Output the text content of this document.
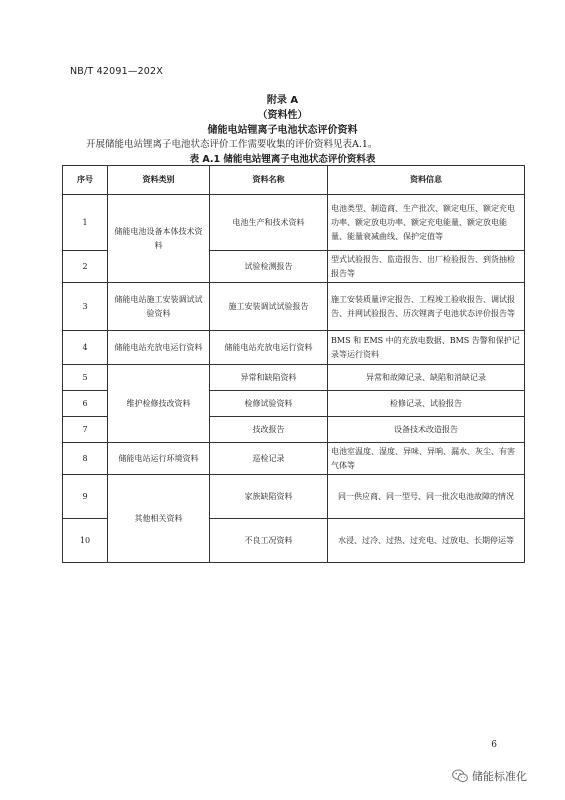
NB/T 42091—202X
附录 A
（资料性）
储能电站锂离子电池状态评价资料
开展储能电站锂离子电池状态评价工作需要收集的评价资料见表A.1。
表 A.1 储能电站锂离子电池状态评价资料表
序号	资料类别	资料名称	资料信息
1	储能电池设备本体技术资料	电池生产和技术资料	电池类型、制造商、生产批次、额定电压、额定充电功率、额定放电功率、额定充电能量、额定放电能量、能量衰减曲线、保护定值等
2		试验检测报告	型式试验报告、监造报告、出厂检验报告、到货抽检报告等
3	储能电站施工安装调试试验资料	施工安装调试试验报告	施工安装质量评定报告、工程竣工验收报告、调试报告、并网试验报告、历次锂离子电池状态评价报告等
4	储能电站充放电运行资料	储能电站充放电运行资料	BMS 和 EMS 中的充放电数据、BMS 告警和保护记录等运行资料
5	维护检修技改资料	异常和缺陷资料	异常和故障记录、缺陷和消缺记录
6		检修试验资料	检修记录、试验报告
7		技改报告	设备技术改造报告
8	储能电站运行环境资料	巡检记录	电池室温度、湿度、异味、异响、漏水、灰尘、有害气体等
9	其他相关资料	家族缺陷资料	同一供应商、同一型号、同一批次电池故障的情况
10		不良工况资料	水浸、过冷、过热、过充电、过放电、长期停运等
6
储能标准化
